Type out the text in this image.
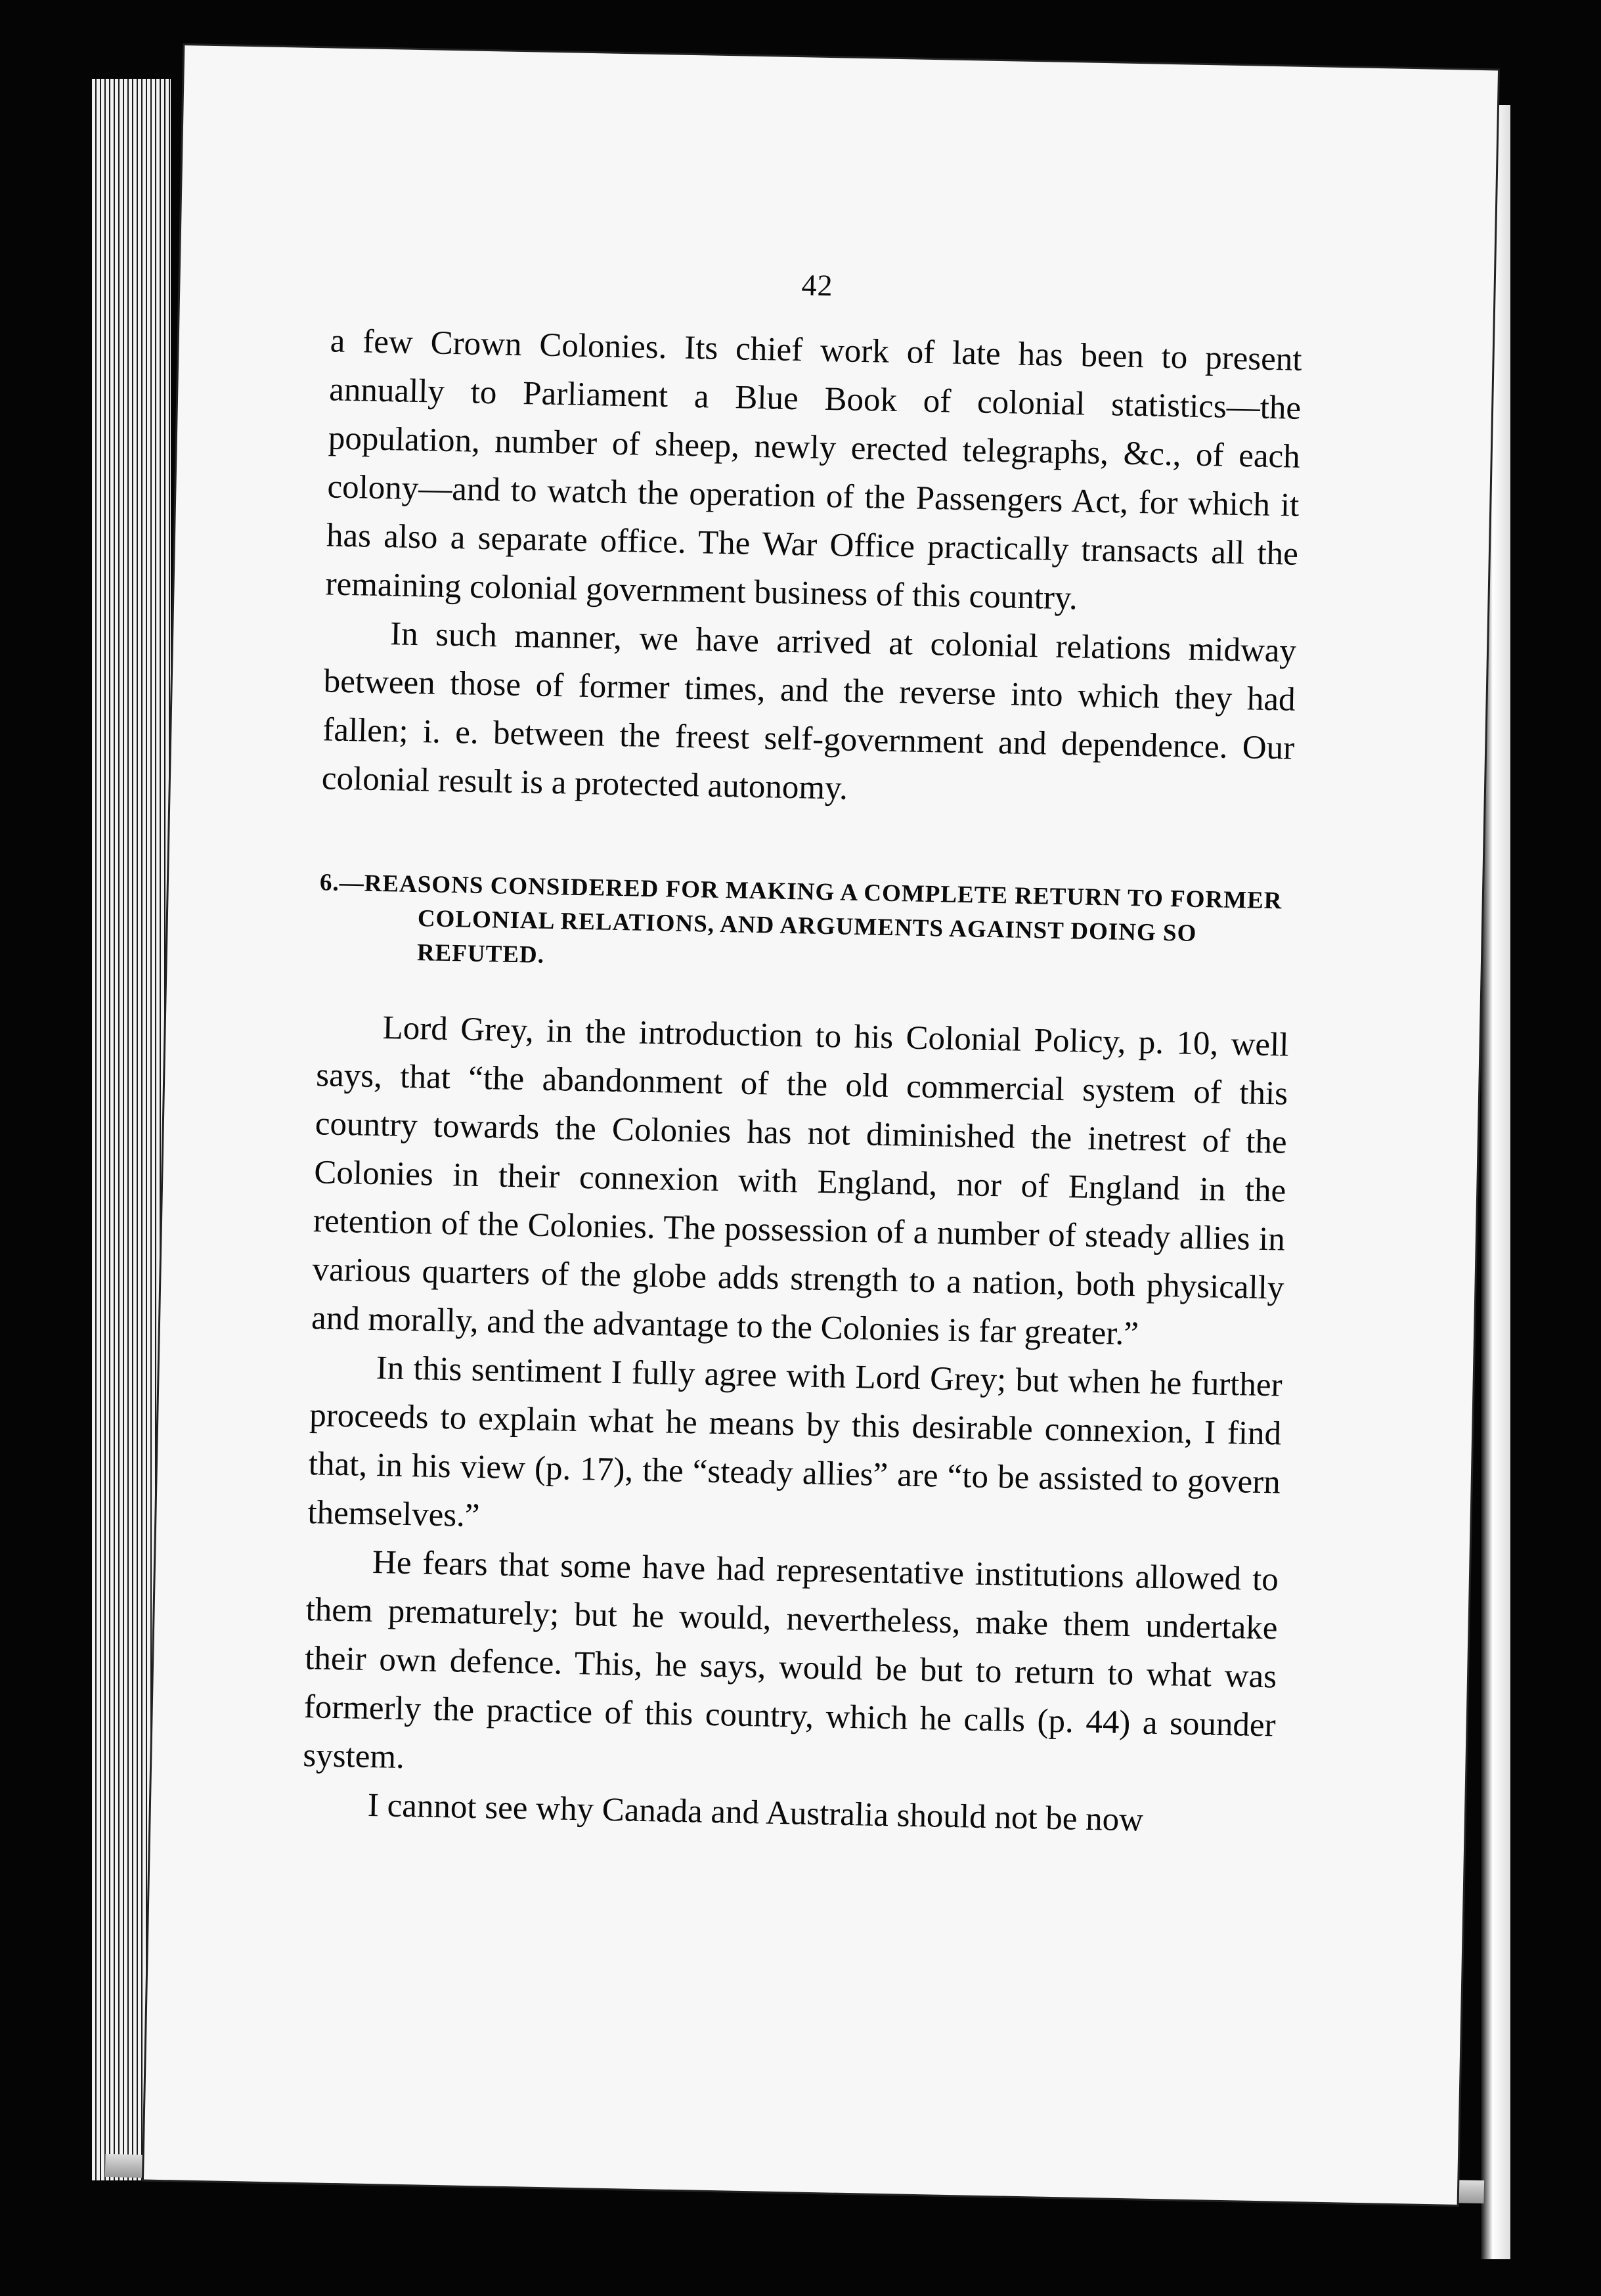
42

a few Crown Colonies. Its chief work of late has been to present annually to Parliament a Blue Book of colonial statistics—the population, number of sheep, newly erected telegraphs, &c., of each colony—and to watch the operation of the Passengers Act, for which it has also a separate office. The War Office practically transacts all the remaining colonial government business of this country.

In such manner, we have arrived at colonial relations midway between those of former times, and the reverse into which they had fallen; i. e. between the freest self-government and dependence. Our colonial result is a protected autonomy.

6.—REASONS CONSIDERED FOR MAKING A COMPLETE RETURN TO FORMER COLONIAL RELATIONS, AND ARGUMENTS AGAINST DOING SO REFUTED.

Lord Grey, in the introduction to his Colonial Policy, p. 10, well says, that “the abandonment of the old commercial system of this country towards the Colonies has not diminished the inetrest of the Colonies in their connexion with England, nor of England in the retention of the Colonies. The possession of a number of steady allies in various quarters of the globe adds strength to a nation, both physically and morally, and the advantage to the Colonies is far greater.”

In this sentiment I fully agree with Lord Grey; but when he further proceeds to explain what he means by this desirable connexion, I find that, in his view (p. 17), the “steady allies” are “to be assisted to govern themselves.”

He fears that some have had representative institutions allowed to them prematurely; but he would, nevertheless, make them undertake their own defence. This, he says, would be but to return to what was formerly the practice of this country, which he calls (p. 44) a sounder system.

I cannot see why Canada and Australia should not be now
